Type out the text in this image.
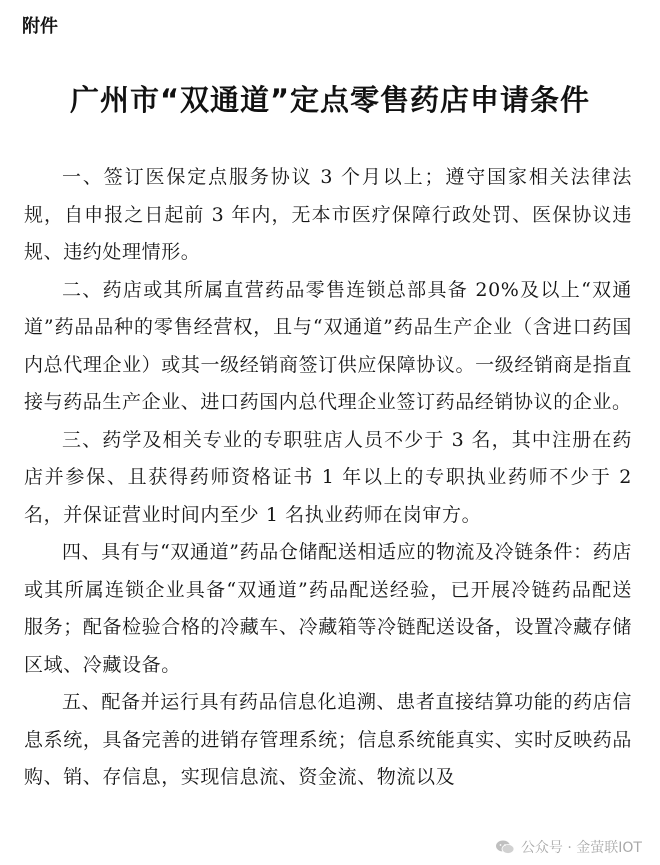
附件
广州市“双通道”定点零售药店申请条件

一、签订医保定点服务协议 3 个月以上；遵守国家相关法律法规，自申报之日起前 3 年内，无本市医疗保障行政处罚、医保协议违规、违约处理情形。

二、药店或其所属直营药品零售连锁总部具备 20%及以上“双通道”药品品种的零售经营权，且与“双通道”药品生产企业（含进口药国内总代理企业）或其一级经销商签订供应保障协议。一级经销商是指直接与药品生产企业、进口药国内总代理企业签订药品经销协议的企业。

三、药学及相关专业的专职驻店人员不少于 3 名，其中注册在药店并参保、且获得药师资格证书 1 年以上的专职执业药师不少于 2 名，并保证营业时间内至少 1 名执业药师在岗审方。

四、具有与“双通道”药品仓储配送相适应的物流及冷链条件：药店或其所属连锁企业具备“双通道”药品配送经验，已开展冷链药品配送服务；配备检验合格的冷藏车、冷藏箱等冷链配送设备，设置冷藏存储区域、冷藏设备。

五、配备并运行具有药品信息化追溯、患者直接结算功能的药店信息系统，具备完善的进销存管理系统；信息系统能真实、实时反映药品购、销、存信息，实现信息流、资金流、物流以及

公众号 · 金萤联IOT
